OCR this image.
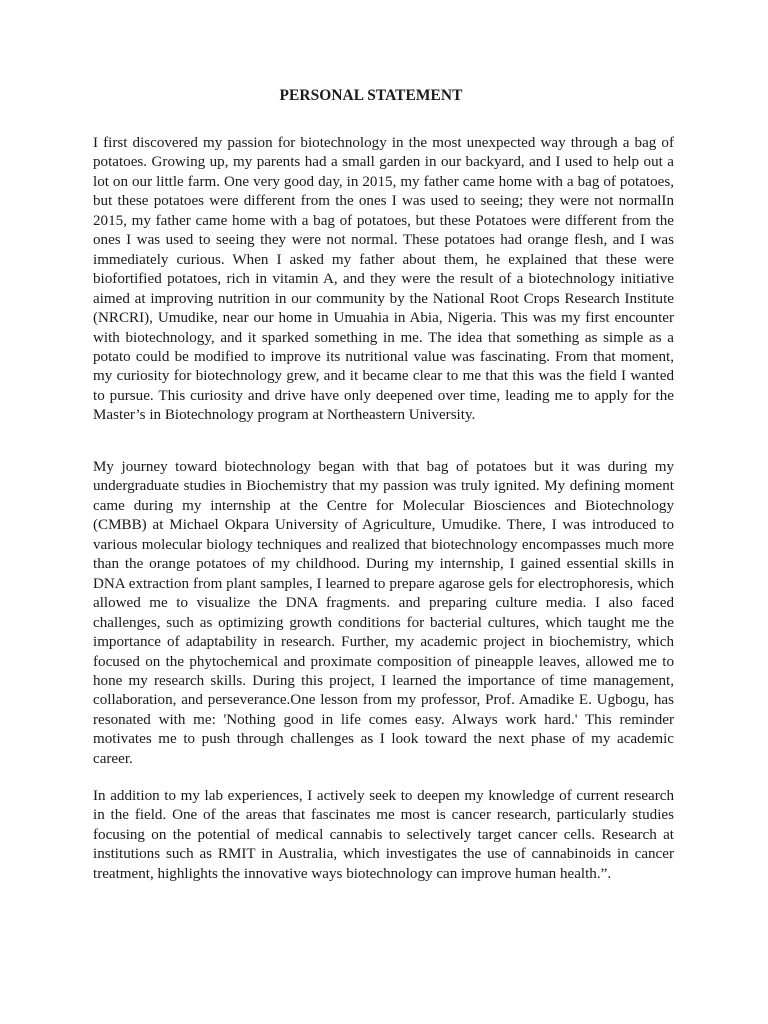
PERSONAL STATEMENT

I first discovered my passion for biotechnology in the most unexpected way through a bag of potatoes. Growing up, my parents had a small garden in our backyard, and I used to help out a lot on our little farm. One very good day, in 2015, my father came home with a bag of potatoes, but these potatoes were different from the ones I was used to seeing; they were not normalIn 2015, my father came home with a bag of potatoes, but these Potatoes were different from the ones I was used to seeing they were not normal. These potatoes had orange flesh, and I was immediately curious. When I asked my father about them, he explained that these were biofortified potatoes, rich in vitamin A, and they were the result of a biotechnology initiative aimed at improving nutrition in our community by the National Root Crops Research Institute (NRCRI), Umudike, near our home in Umuahia in Abia, Nigeria. This was my first encounter with biotechnology, and it sparked something in me. The idea that something as simple as a potato could be modified to improve its nutritional value was fascinating. From that moment, my curiosity for biotechnology grew, and it became clear to me that this was the field I wanted to pursue. This curiosity and drive have only deepened over time, leading me to apply for the Master’s in Biotechnology program at Northeastern University.

My journey toward biotechnology began with that bag of potatoes but it was during my undergraduate studies in Biochemistry that my passion was truly ignited. My defining moment came during my internship at the Centre for Molecular Biosciences and Biotechnology (CMBB) at Michael Okpara University of Agriculture, Umudike. There, I was introduced to various molecular biology techniques and realized that biotechnology encompasses much more than the orange potatoes of my childhood. During my internship, I gained essential skills in DNA extraction from plant samples, I learned to prepare agarose gels for electrophoresis, which allowed me to visualize the DNA fragments. and preparing culture media. I also faced challenges, such as optimizing growth conditions for bacterial cultures, which taught me the importance of adaptability in research. Further, my academic project in biochemistry, which focused on the phytochemical and proximate composition of pineapple leaves, allowed me to hone my research skills. During this project, I learned the importance of time management, collaboration, and perseverance.One lesson from my professor, Prof. Amadike E. Ugbogu, has resonated with me: 'Nothing good in life comes easy. Always work hard.' This reminder motivates me to push through challenges as I look toward the next phase of my academic career.

In addition to my lab experiences, I actively seek to deepen my knowledge of current research in the field. One of the areas that fascinates me most is cancer research, particularly studies focusing on the potential of medical cannabis to selectively target cancer cells. Research at institutions such as RMIT in Australia, which investigates the use of cannabinoids in cancer treatment, highlights the innovative ways biotechnology can improve human health.”.
